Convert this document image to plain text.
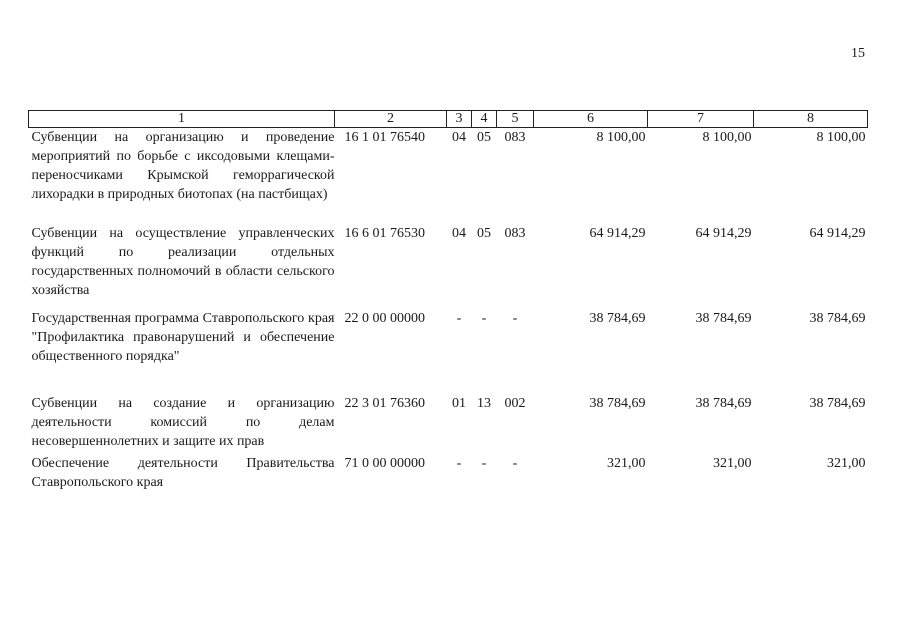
15
1	2	3	4	5	6	7	8
Субвенции на организацию и проведение мероприятий по борьбе с иксодовыми клещами-переносчиками Крымской геморрагической лихорадки в природных биотопах (на пастбищах)	16 1 01 76540	04	05	083	8 100,00	8 100,00	8 100,00
Субвенции на осуществление управленческих функций по реализации отдельных государственных полномочий в области сельского хозяйства	16 6 01 76530	04	05	083	64 914,29	64 914,29	64 914,29
Государственная программа Ставропольского края "Профилактика правонарушений и обеспечение общественного порядка"	22 0 00 00000	-	-	-	38 784,69	38 784,69	38 784,69
Субвенции на создание и организацию деятельности комиссий по делам несовершеннолетних и защите их прав	22 3 01 76360	01	13	002	38 784,69	38 784,69	38 784,69
Обеспечение деятельности Правительства Ставропольского края	71 0 00 00000	-	-	-	321,00	321,00	321,00
